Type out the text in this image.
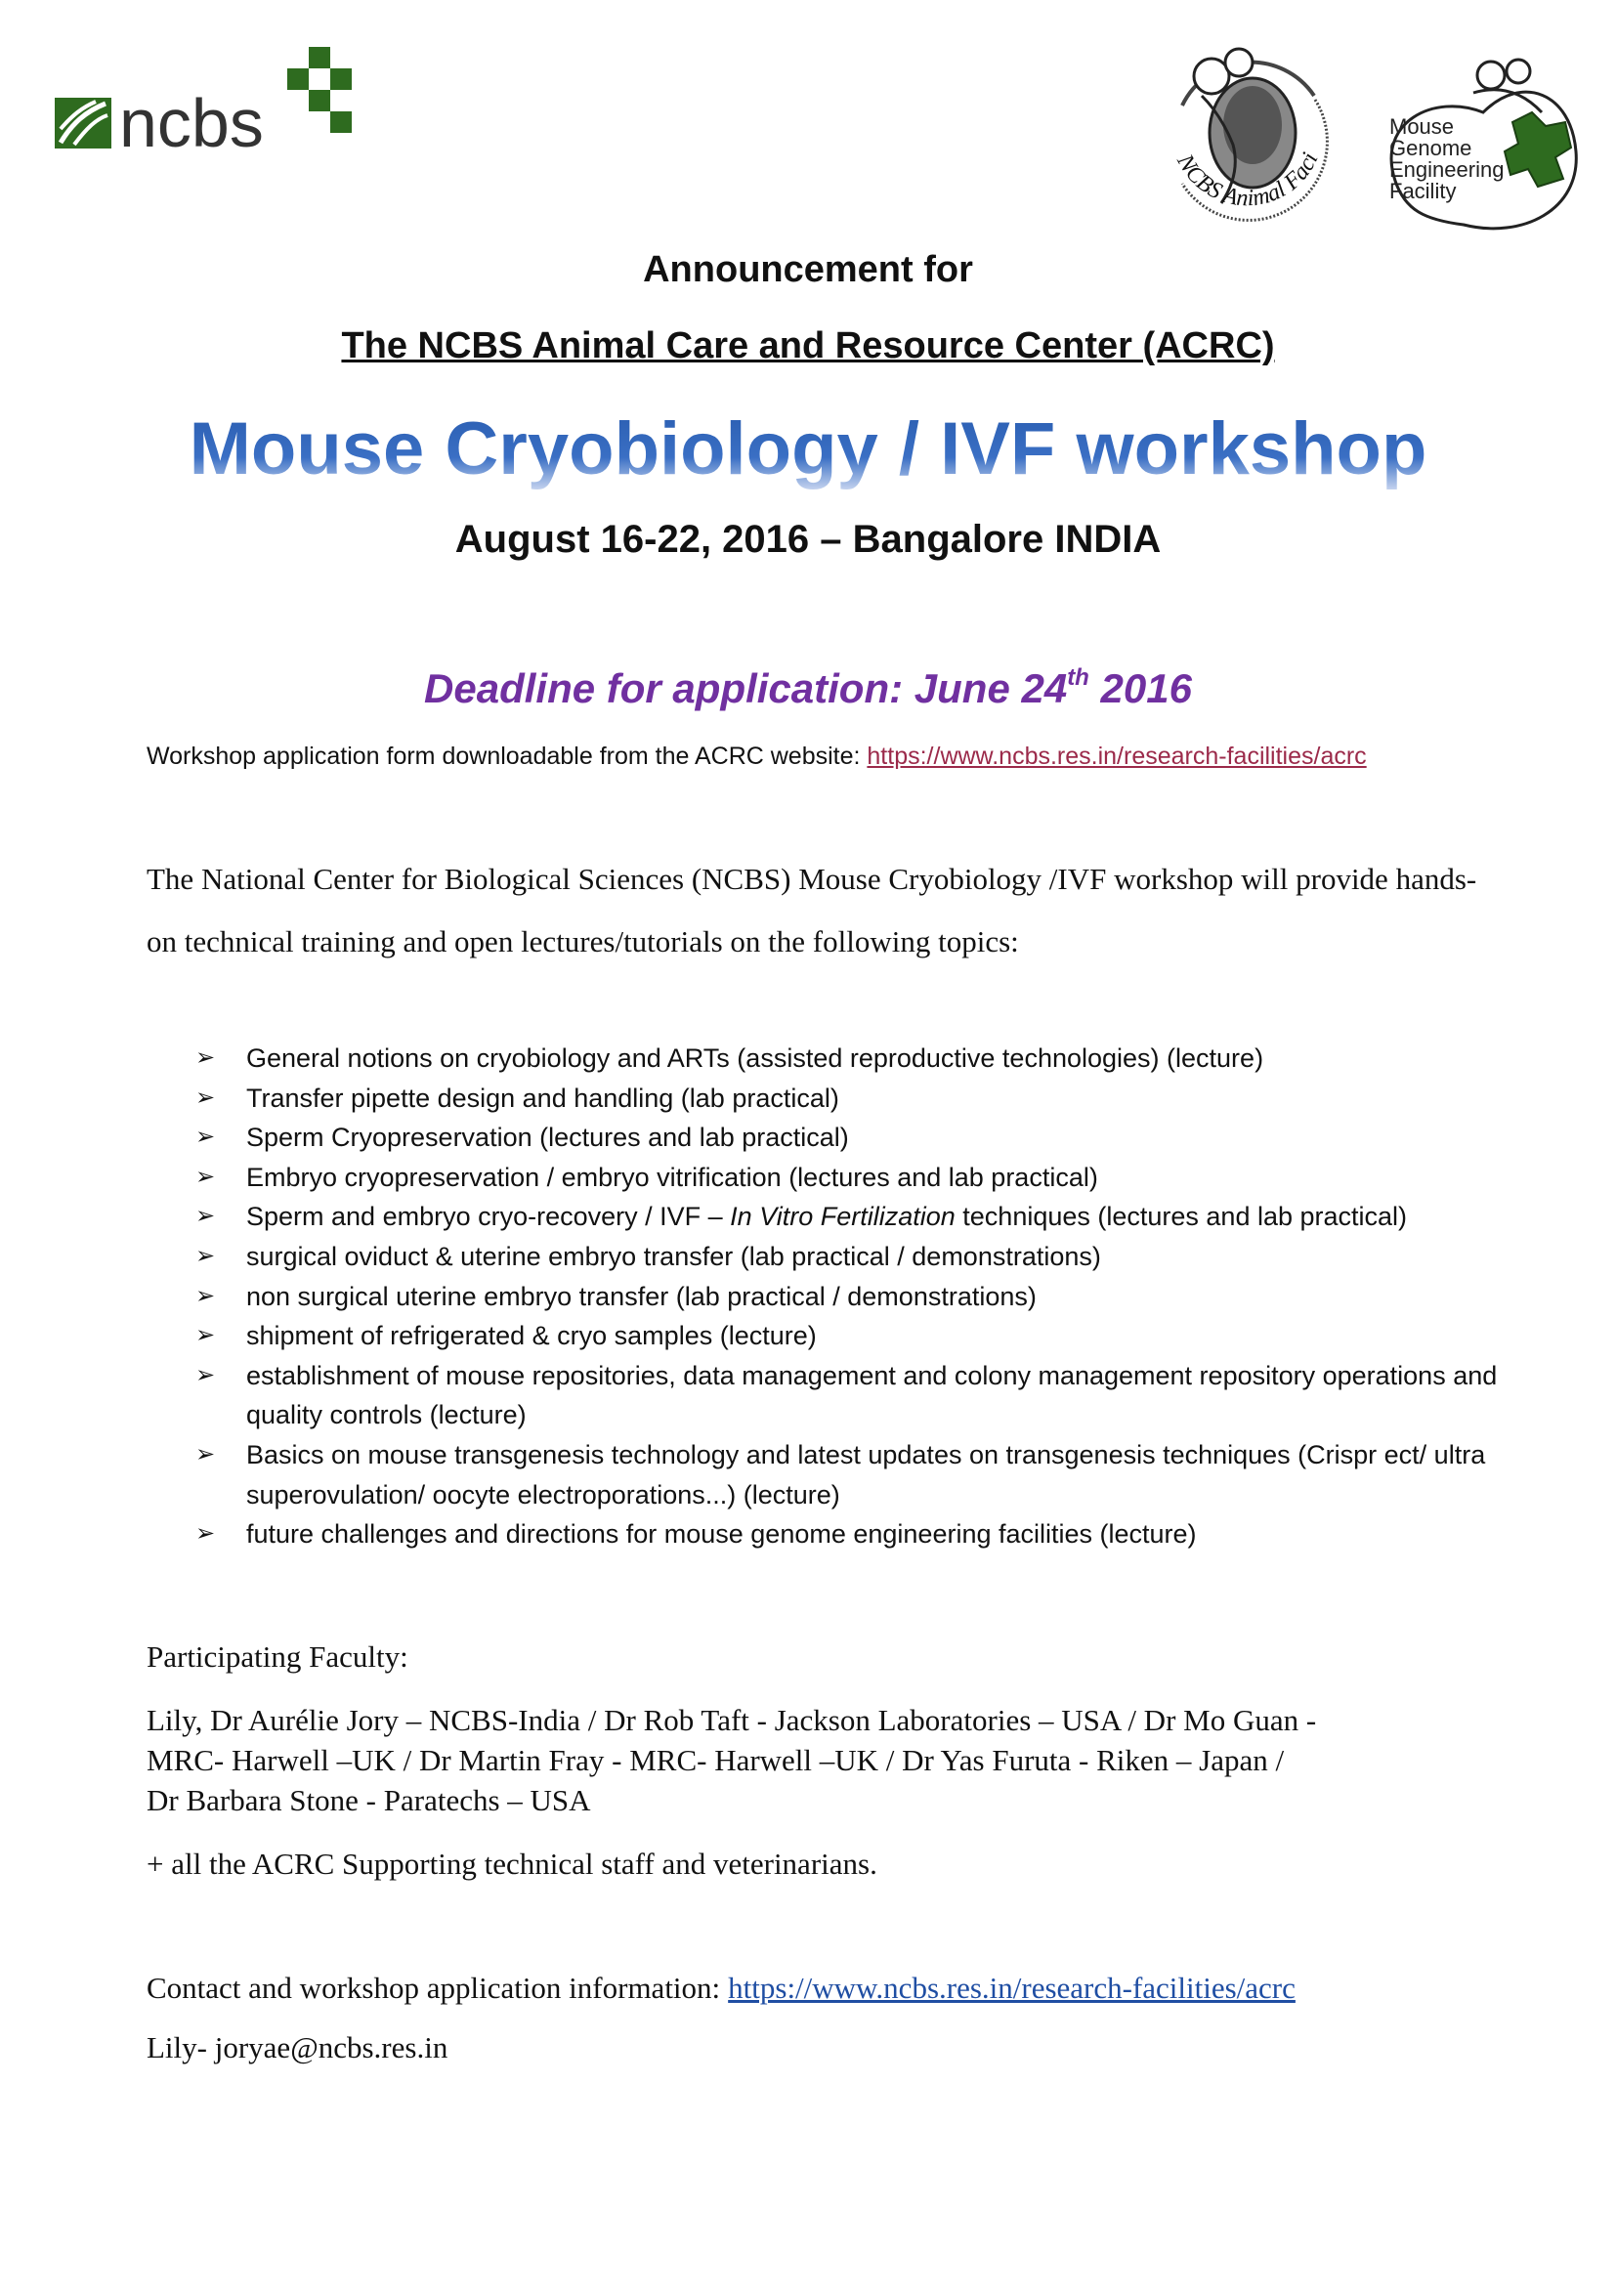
ncbs
NCBS Animal Faci
Mouse
Genome
Engineering
Facility
Announcement for
The NCBS Animal Care and Resource Center (ACRC)
Mouse Cryobiology / IVF workshop
August 16-22, 2016 – Bangalore INDIA
Deadline for application: June 24th 2016
Workshop application form downloadable from the ACRC website: https://www.ncbs.res.in/research-facilities/acrc
The National Center for Biological Sciences (NCBS) Mouse Cryobiology /IVF workshop will provide hands-on technical training and open lectures/tutorials on the following topics:
➢ General notions on cryobiology and ARTs (assisted reproductive technologies) (lecture)
➢ Transfer pipette design and handling (lab practical)
➢ Sperm Cryopreservation (lectures and lab practical)
➢ Embryo cryopreservation / embryo vitrification (lectures and lab practical)
➢ Sperm and embryo cryo-recovery / IVF – In Vitro Fertilization techniques (lectures and lab practical)
➢ surgical oviduct & uterine embryo transfer (lab practical / demonstrations)
➢ non surgical uterine embryo transfer (lab practical / demonstrations)
➢ shipment of refrigerated & cryo samples (lecture)
➢ establishment of mouse repositories, data management and colony management repository operations and quality controls (lecture)
➢ Basics on mouse transgenesis technology and latest updates on transgenesis techniques (Crispr ect/ ultra superovulation/ oocyte electroporations...) (lecture)
➢ future challenges and directions for mouse genome engineering facilities (lecture)
Participating Faculty:
Lily, Dr Aurélie Jory – NCBS-India / Dr Rob Taft - Jackson Laboratories – USA / Dr Mo Guan -
MRC- Harwell –UK / Dr Martin Fray - MRC- Harwell –UK / Dr Yas Furuta - Riken – Japan /
Dr Barbara Stone - Paratechs – USA
+ all the ACRC Supporting technical staff and veterinarians.
Contact and workshop application information: https://www.ncbs.res.in/research-facilities/acrc
Lily- joryae@ncbs.res.in
